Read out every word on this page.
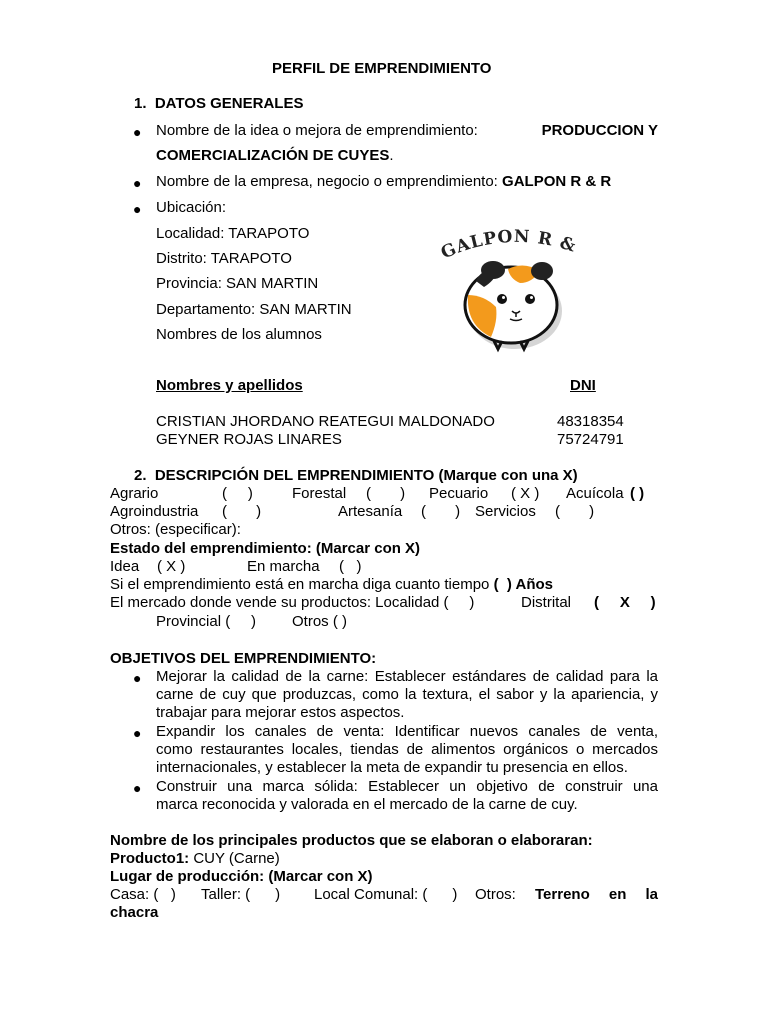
PERFIL DE EMPRENDIMIENTO
1.  DATOS GENERALES
● Nombre de la idea o mejora de emprendimiento:	PRODUCCION Y
COMERCIALIZACIÓN DE CUYES.
● Nombre de la empresa, negocio o emprendimiento: GALPON R & R
● Ubicación:
Localidad: TARAPOTO
Distrito: TARAPOTO
Provincia: SAN MARTIN
Departamento: SAN MARTIN
Nombres de los alumnos
GALPON R &
Nombres y apellidos	DNI
CRISTIAN JHORDANO REATEGUI MALDONADO	48318354
GEYNER ROJAS LINARES	75724791
2.  DESCRIPCIÓN DEL EMPRENDIMIENTO (Marque con una X)
Agrario	(     )	Forestal (       ) Pecuario ( X ) Acuícola ( )
Agroindustria (       )	Artesanía (       ) Servicios (       )
Otros: (especificar):
Estado del emprendimiento: (Marcar con X)
Idea ( X )	En marcha (   )
Si el emprendimiento está en marcha diga cuanto tiempo (  ) Años
El mercado donde vende su productos: Localidad (     )	Distrital (     X     )
Provincial (     ) Otros ( )
OBJETIVOS DEL EMPRENDIMIENTO:
● Mejorar la calidad de la carne: Establecer estándares de calidad para la
carne de cuy que produzcas, como la textura, el sabor y la apariencia, y
trabajar para mejorar estos aspectos.
● Expandir los canales de venta: Identificar nuevos canales de venta,
como restaurantes locales, tiendas de alimentos orgánicos o mercados
internacionales, y establecer la meta de expandir tu presencia en ellos.
● Construir una marca sólida: Establecer un objetivo de construir una
marca reconocida y valorada en el mercado de la carne de cuy.
Nombre de los principales productos que se elaboran o elaboraran:
Producto1: CUY (Carne)
Lugar de producción: (Marcar con X)
Casa: (   ) Taller: (      ) Local Comunal: (      ) Otros: Terreno en la
chacra
